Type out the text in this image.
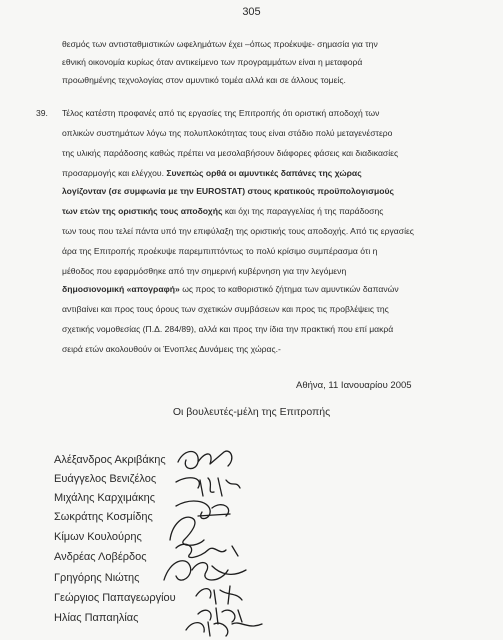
305
θεσμός των αντισταθμιστικών ωφελημάτων έχει –όπως προέκυψε- σημασία για την
εθνική οικονομία κυρίως όταν αντικείμενο των προγραμμάτων είναι η μεταφορά
προωθημένης τεχνολογίας στον αμυντικό τομέα αλλά και σε άλλους τομείς.
39. Τέλος κατέστη προφανές από τις εργασίες της Επιτροπής ότι οριστική αποδοχή των
οπλικών συστημάτων λόγω της πολυπλοκότητας τους είναι στάδιο πολύ μεταγενέστερο
της υλικής παράδοσης καθώς πρέπει να μεσολαβήσουν διάφορες φάσεις και διαδικασίες
προσαρμογής και ελέγχου. Συνεπώς ορθά οι αμυντικές δαπάνες της χώρας
λογίζονταν (σε συμφωνία με την EUROSTAT) στους κρατικούς προϋπολογισμούς
των ετών της οριστικής τους αποδοχής και όχι της παραγγελίας ή της παράδοσης
των τους που τελεί πάντα υπό την επιφύλαξη της οριστικής τους αποδοχής. Από τις εργασίες
άρα της Επιτροπής προέκυψε παρεμπιπτόντως το πολύ κρίσιμο συμπέρασμα ότι η
μέθοδος που εφαρμόσθηκε από την σημερινή κυβέρνηση για την λεγόμενη
δημοσιονομική «απογραφή» ως προς το καθοριστικό ζήτημα των αμυντικών δαπανών
αντιβαίνει και προς τους όρους των σχετικών συμβάσεων και προς τις προβλέψεις της
σχετικής νομοθεσίας (Π.Δ. 284/89), αλλά και προς την ίδια την πρακτική που επί μακρά
σειρά ετών ακολουθούν οι Ένοπλες Δυνάμεις της χώρας.-
Αθήνα, 11 Ιανουαρίου 2005
Οι βουλευτές-μέλη της Επιτροπής
Αλέξανδρος Ακριβάκης
Ευάγγελος Βενιζέλος
Μιχάλης Καρχιμάκης
Σωκράτης Κοσμίδης
Κίμων Κουλούρης
Ανδρέας Λοβέρδος
Γρηγόρης Νιώτης
Γεώργιος Παπαγεωργίου
Ηλίας Παπαηλίας
